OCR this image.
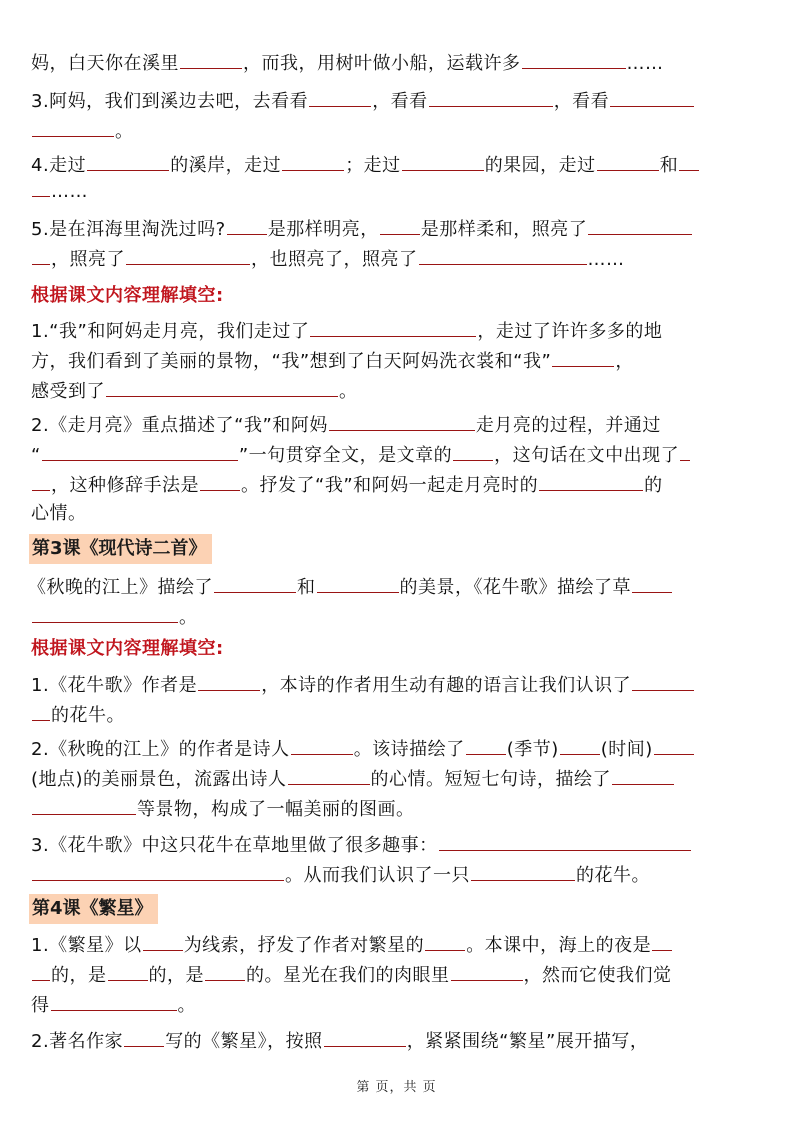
妈，白天你在溪里	，而我，用树叶做小船，运载许多	……
3.阿妈，我们到溪边去吧，去看看	，看看	，看看
。
4.走过	的溪岸，走过	；走过	的果园，走过	和
……
5.是在洱海里淘洗过吗? 是那样明亮， 是那样柔和，照亮了
，照亮了	，也照亮了，照亮了	……
根据课文内容理解填空:
1.“我”和阿妈走月亮，我们走过了	，走过了许许多多的地
方，我们看到了美丽的景物，“我”想到了白天阿妈洗衣裳和“我”	，
感受到了	。
2.《走月亮》重点描述了“我”和阿妈	走月亮的过程，并通过
“	”一句贯穿全文，是文章的 ，这句话在文中出现了
，这种修辞手法是 。抒发了“我”和阿妈一起走月亮时的	的
心情。
第3课《现代诗二首》
《秋晚的江上》描绘了	和	的美景，《花牛歌》描绘了草
。
根据课文内容理解填空:
1.《花牛歌》作者是	，本诗的作者用生动有趣的语言让我们认识了
的花牛。
2.《秋晚的江上》的作者是诗人	。该诗描绘了 (季节) (时间)
(地点)的美丽景色，流露出诗人	的心情。短短七句诗，描绘了
等景物，构成了一幅美丽的图画。
3.《花牛歌》中这只花牛在草地里做了很多趣事：
。从而我们认识了一只	的花牛。
第4课《繁星》
1.《繁星》以 为线索，抒发了作者对繁星的 。本课中，海上的夜是
的，是 的，是 的。星光在我们的肉眼里	，然而它使我们觉
得	。
2.著名作家 写的《繁星》，按照	，紧紧围绕“繁星”展开描写，
第 页，共 页
